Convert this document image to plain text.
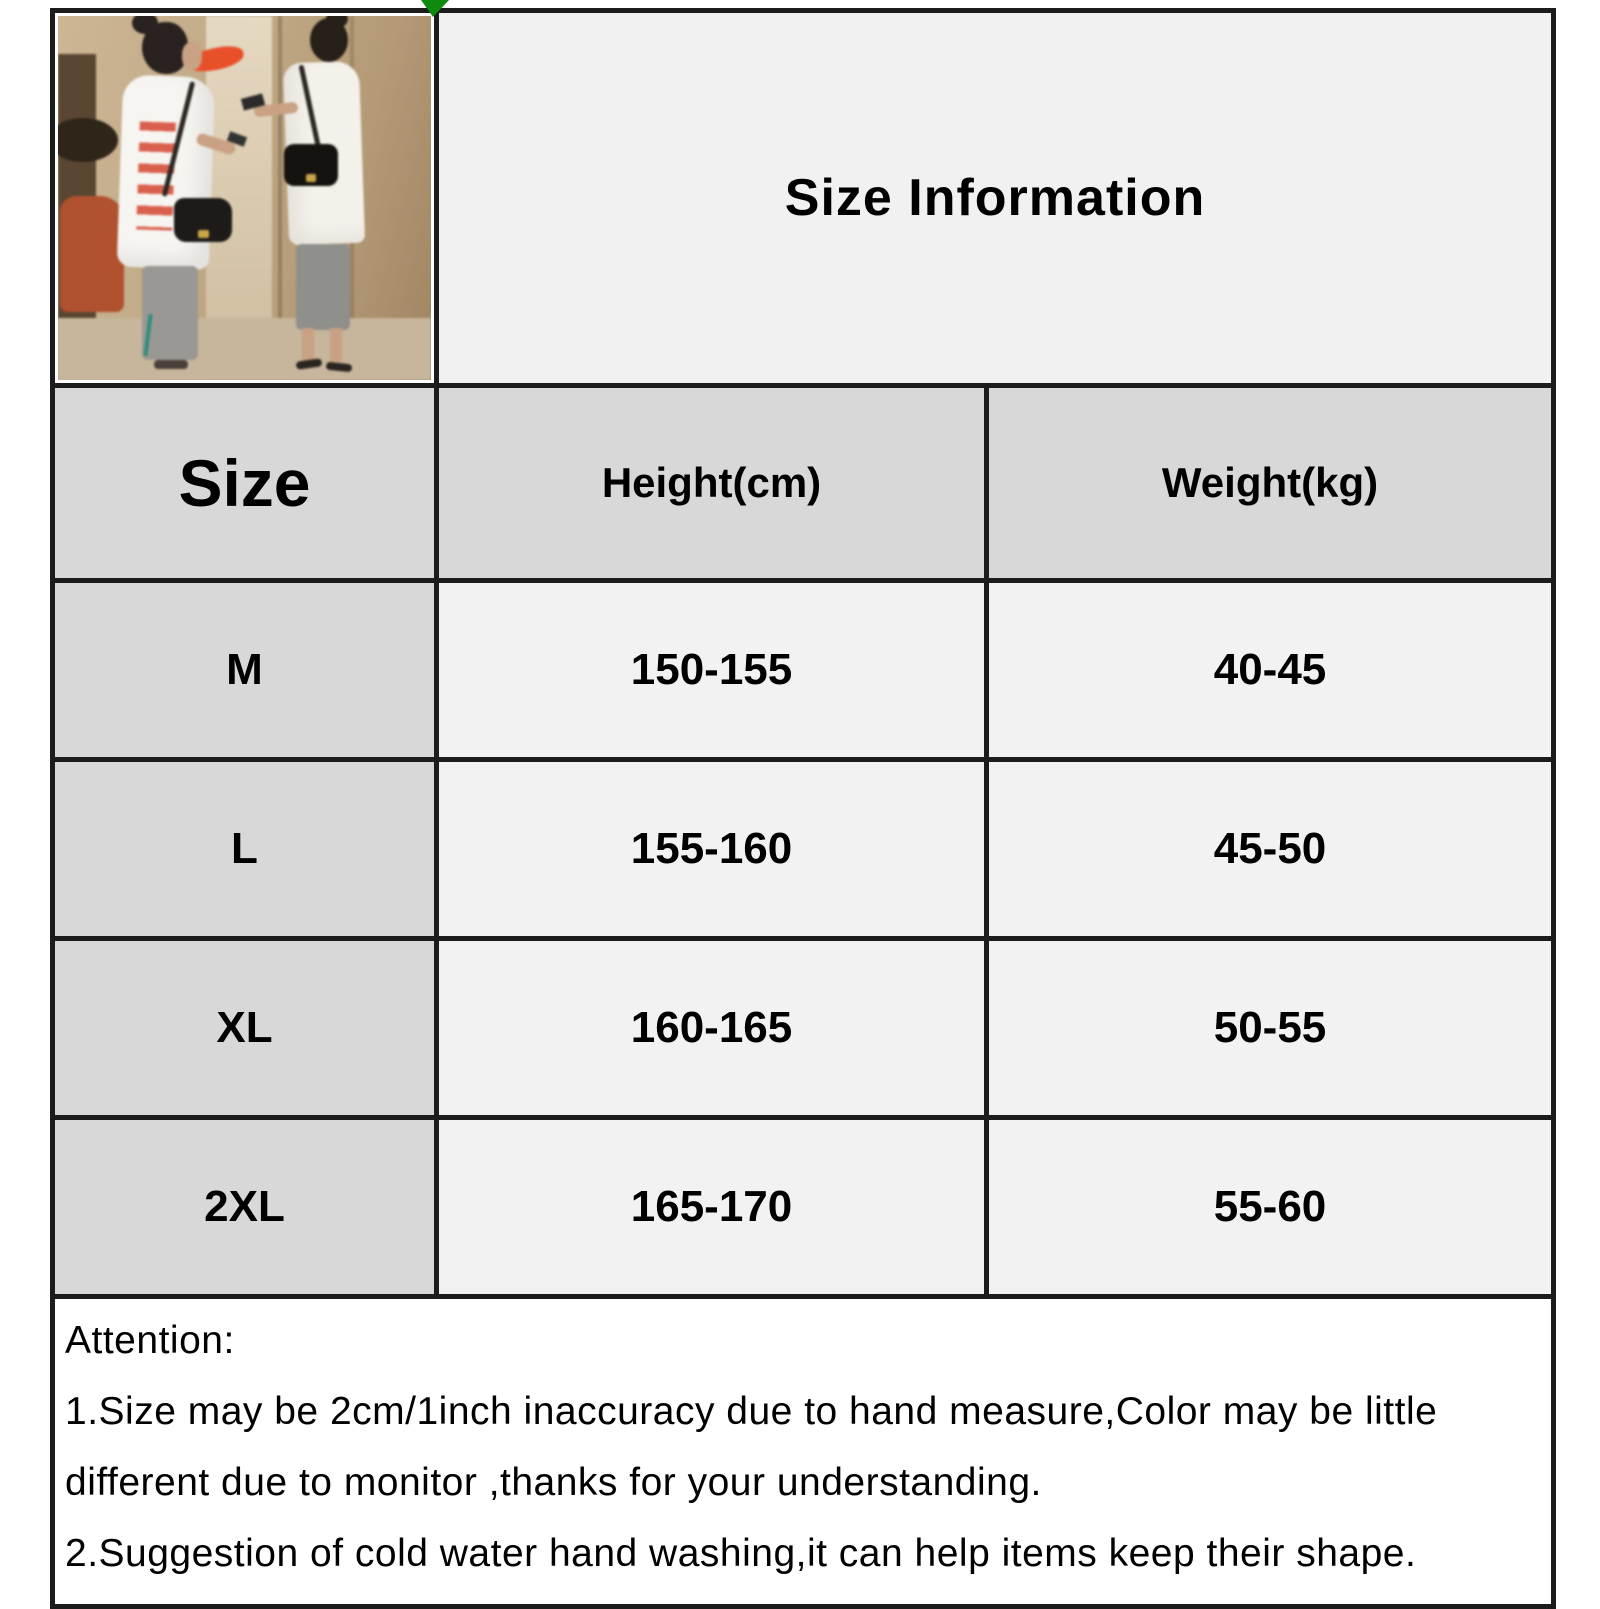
	Size Information	
Size	Height(cm)	Weight(kg)
M	150-155	40-45
L	155-160	45-50
XL	160-165	50-55
2XL	165-170	55-60

Attention:
1.Size may be 2cm/1inch inaccuracy due to hand measure,Color may be little
different due to monitor ,thanks for your understanding.
2.Suggestion of cold water hand washing,it can help items keep their shape.		
